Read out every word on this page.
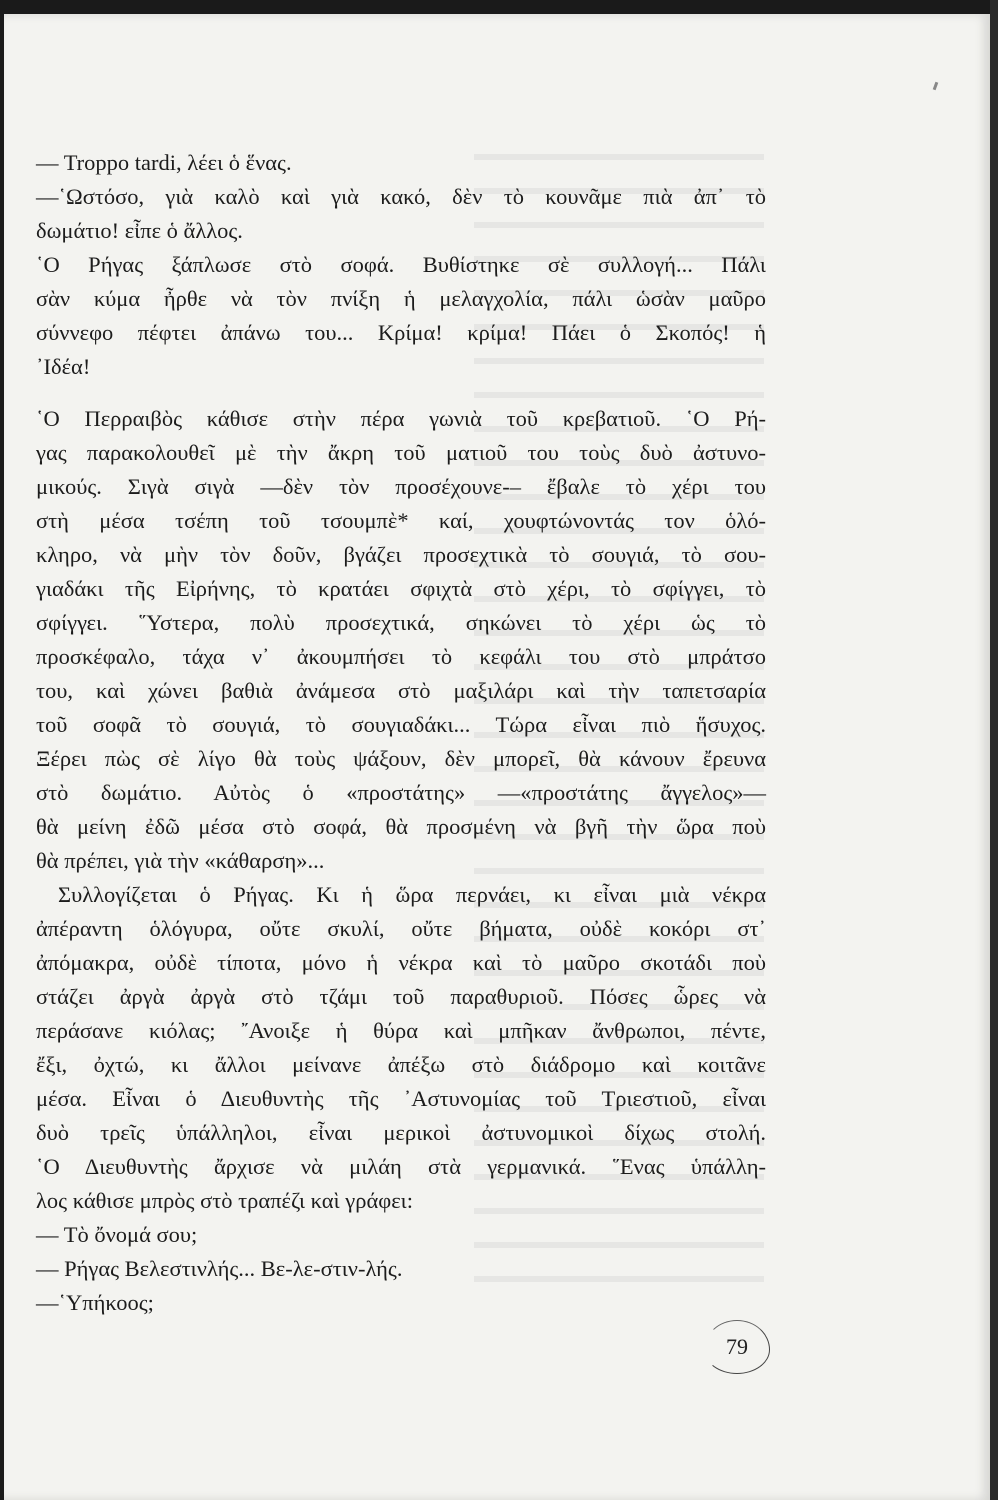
— Troppo tardi, λέει ὁ ἕνας.
—῾Ωστόσο, γιὰ καλὸ καὶ γιὰ κακό, δὲν τὸ κουνᾶμε πιὰ ἀπ᾿ τὸ
δωμάτιο! εἶπε ὁ ἄλλος.
῾Ο Ρήγας ξάπλωσε στὸ σοφά. Βυθίστηκε σὲ συλλογή... Πάλι
σὰν κύμα ἦρθε νὰ τὸν πνίξη ἡ μελαγχολία, πάλι ὡσὰν μαῦρο
σύννεφο πέφτει ἀπάνω του... Κρίμα! κρίμα! Πάει ὁ Σκοπός! ἡ
᾿Ιδέα!
῾Ο Περραιβὸς κάθισε στὴν πέρα γωνιὰ τοῦ κρεβατιοῦ. ῾Ο Ρή-
γας παρακολουθεῖ μὲ τὴν ἄκρη τοῦ ματιοῦ του τοὺς δυὸ ἀστυνο-
μικούς. Σιγὰ σιγὰ —δὲν τὸν προσέχουνε-– ἔβαλε τὸ χέρι του
στὴ μέσα τσέπη τοῦ τσουμπὲ* καί, χουφτώνοντάς τον ὁλό-
κληρο, νὰ μὴν τὸν δοῦν, βγάζει προσεχτικὰ τὸ σουγιά, τὸ σου-
γιαδάκι τῆς Εἰρήνης, τὸ κρατάει σφιχτὰ στὸ χέρι, τὸ σφίγγει, τὸ
σφίγγει. ῞Υστερα, πολὺ προσεχτικά, σηκώνει τὸ χέρι ὡς τὸ
προσκέφαλο, τάχα ν᾿ ἀκουμπήσει τὸ κεφάλι του στὸ μπράτσο
του, καὶ χώνει βαθιὰ ἀνάμεσα στὸ μαξιλάρι καὶ τὴν ταπετσαρία
τοῦ σοφᾶ τὸ σουγιά, τὸ σουγιαδάκι... Τώρα εἶναι πιὸ ἥσυχος.
Ξέρει πὼς σὲ λίγο θὰ τοὺς ψάξουν, δὲν μπορεῖ, θὰ κάνουν ἔρευνα
στὸ δωμάτιο. Αὐτὸς ὁ «προστάτης» —«προστάτης ἄγγελος»—
θὰ μείνη ἐδῶ μέσα στὸ σοφά, θὰ προσμένη νὰ βγῆ τὴν ὥρα ποὺ
θὰ πρέπει, γιὰ τὴν «κάθαρση»...
Συλλογίζεται ὁ Ρήγας. Κι ἡ ὥρα περνάει, κι εἶναι μιὰ νέκρα
ἀπέραντη ὁλόγυρα, οὔτε σκυλί, οὔτε βήματα, οὐδὲ κοκόρι στ᾿
ἀπόμακρα, οὐδὲ τίποτα, μόνο ἡ νέκρα καὶ τὸ μαῦρο σκοτάδι ποὺ
στάζει ἀργὰ ἀργὰ στὸ τζάμι τοῦ παραθυριοῦ. Πόσες ὧρες νὰ
περάσανε κιόλας; ῎Ανοιξε ἡ θύρα καὶ μπῆκαν ἄνθρωποι, πέντε,
ἔξι, ὀχτώ, κι ἄλλοι μείνανε ἀπέξω στὸ διάδρομο καὶ κοιτᾶνε
μέσα. Εἶναι ὁ Διευθυντὴς τῆς ᾿Αστυνομίας τοῦ Τριεστιοῦ, εἶναι
δυὸ τρεῖς ὑπάλληλοι, εἶναι μερικοὶ ἀστυνομικοὶ δίχως στολή.
῾Ο Διευθυντὴς ἄρχισε νὰ μιλάη στὰ γερμανικά. ῞Ενας ὑπάλλη-
λος κάθισε μπρὸς στὸ τραπέζι καὶ γράφει:
— Τὸ ὄνομά σου;
— Ρήγας Βελεστινλής... Βε-λε-στιν-λής.
—῾Υπήκοος;
79
